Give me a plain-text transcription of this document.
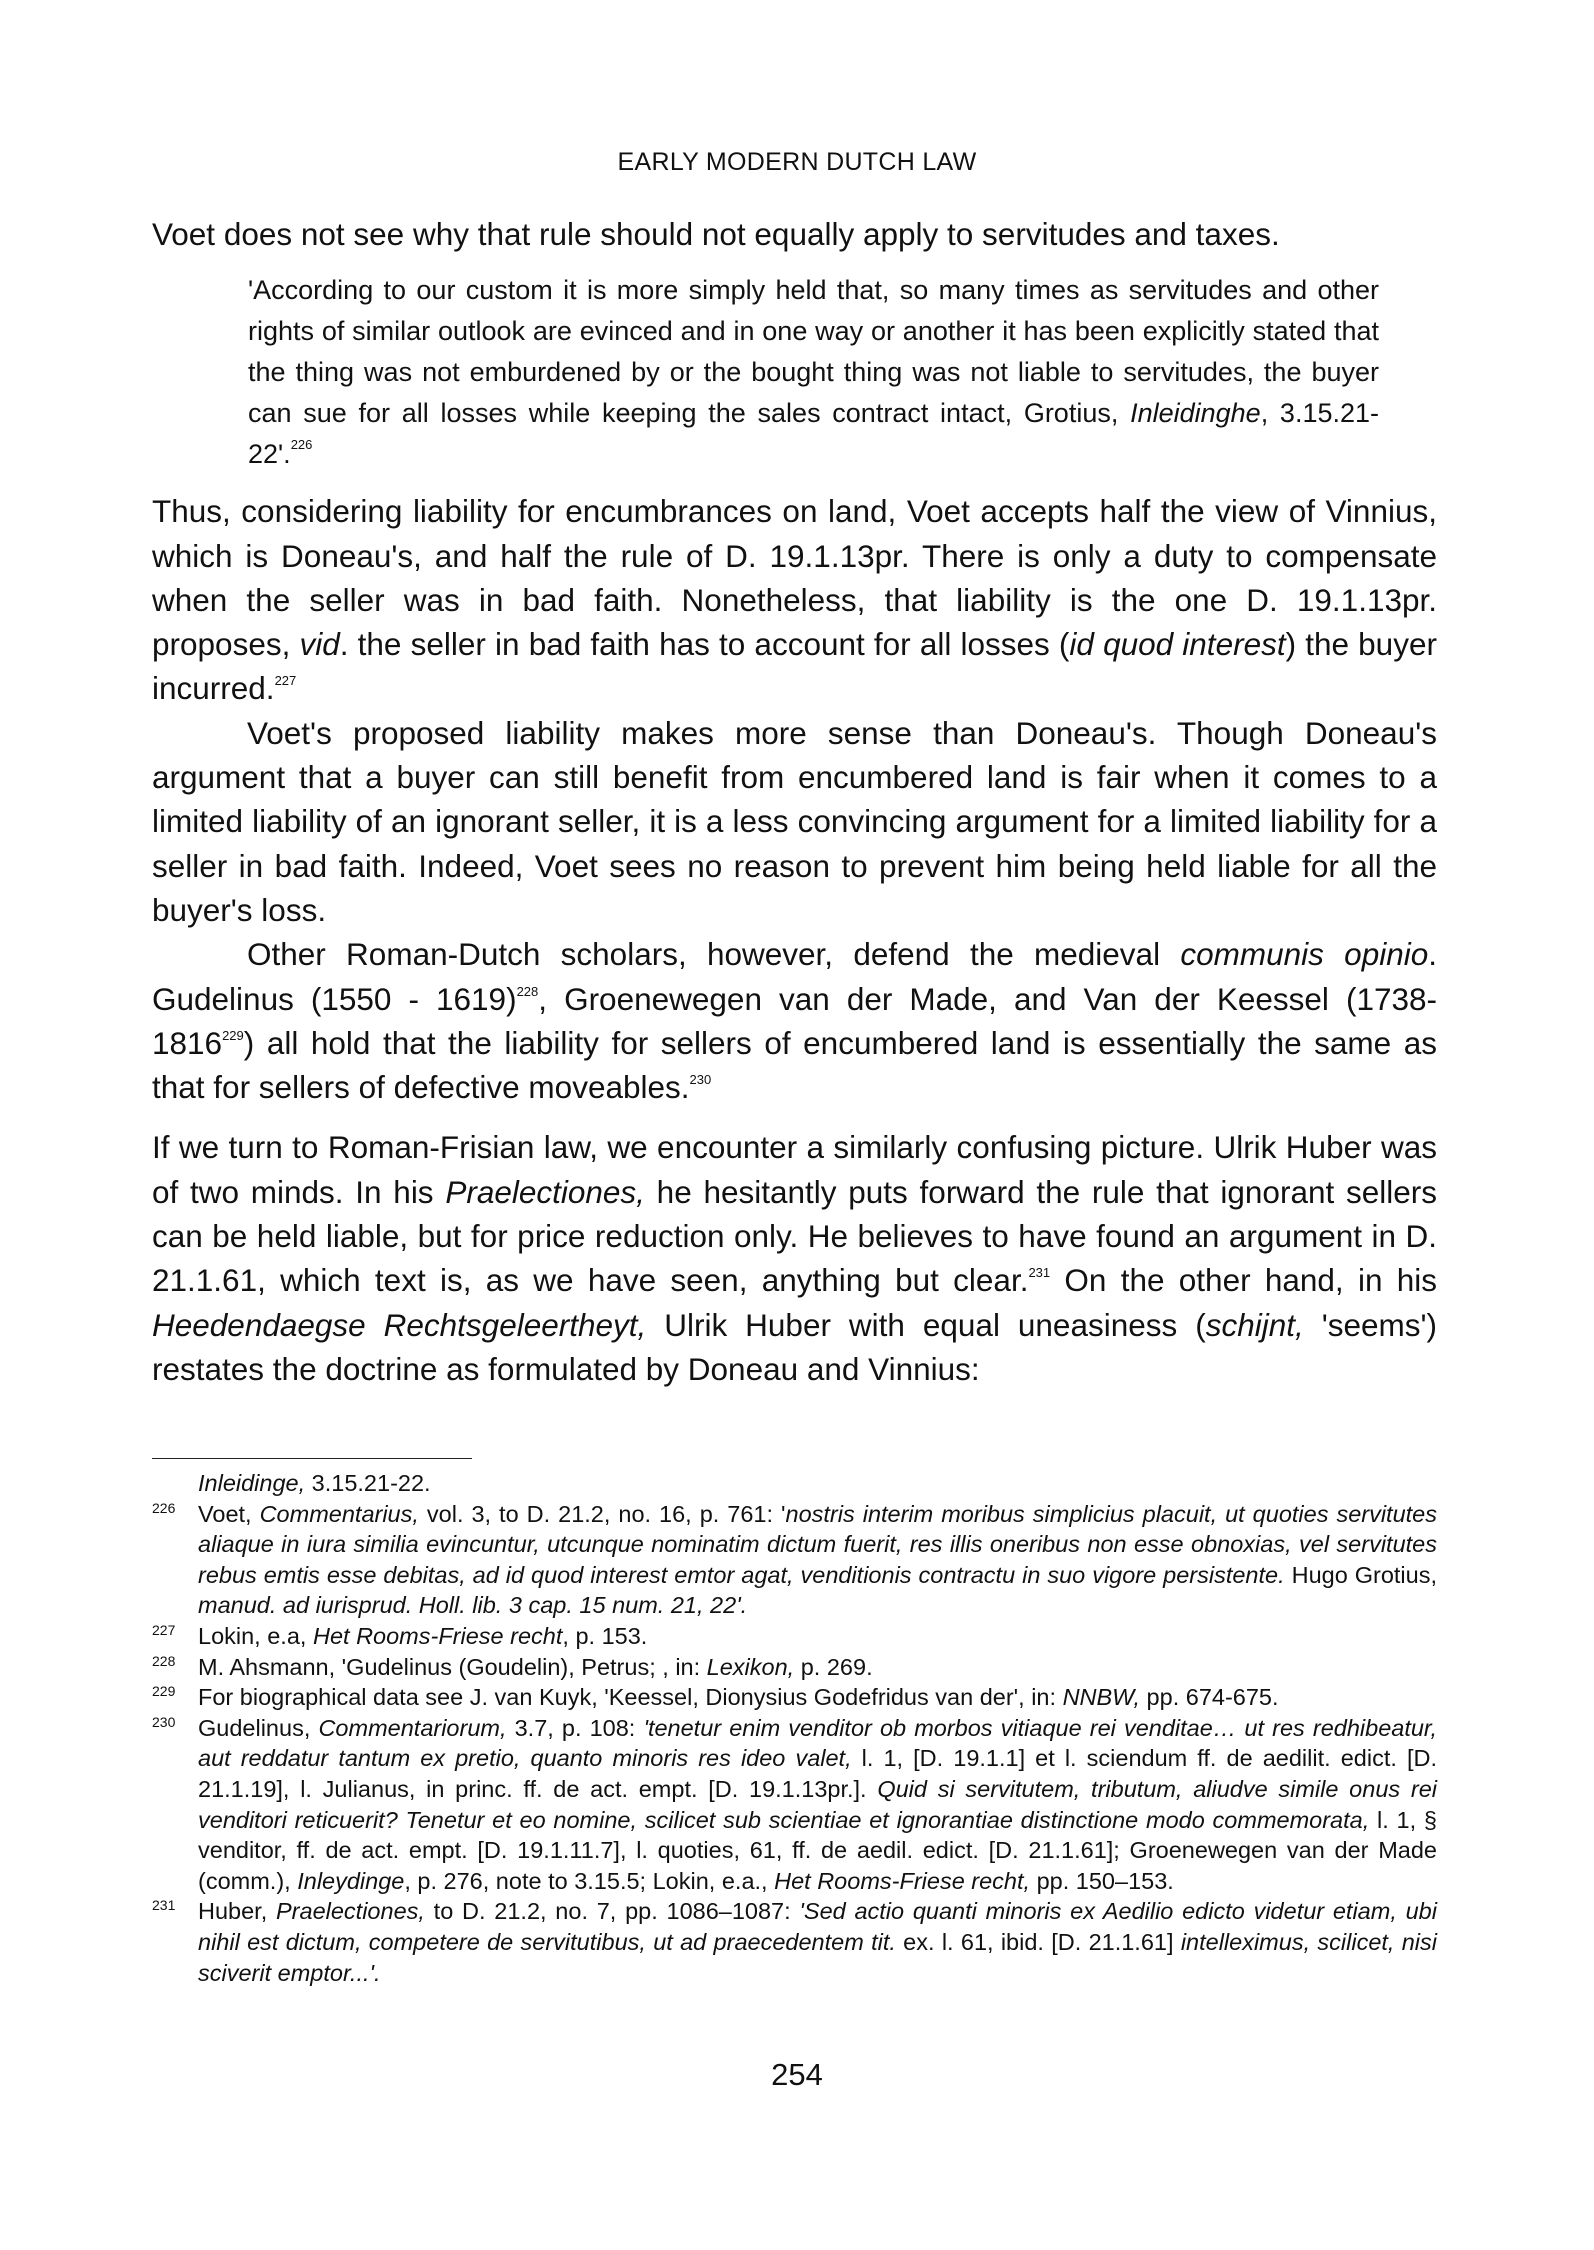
EARLY MODERN DUTCH LAW

Voet does not see why that rule should not equally apply to servitudes and taxes.

'According to our custom it is more simply held that, so many times as servitudes and other rights of similar outlook are evinced and in one way or another it has been explicitly stated that the thing was not emburdened by or the bought thing was not liable to servitudes, the buyer can sue for all losses while keeping the sales contract intact, Grotius, Inleidinghe, 3.15.21-22'.$^{226}$

Thus, considering liability for encumbrances on land, Voet accepts half the view of Vinnius, which is Doneau's, and half the rule of D. 19.1.13pr. There is only a duty to compensate when the seller was in bad faith. Nonetheless, that liability is the one D. 19.1.13pr. proposes, vid. the seller in bad faith has to account for all losses (id quod interest) the buyer incurred.$^{227}$

Voet's proposed liability makes more sense than Doneau's. Though Doneau's argument that a buyer can still benefit from encumbered land is fair when it comes to a limited liability of an ignorant seller, it is a less convincing argument for a limited liability for a seller in bad faith. Indeed, Voet sees no reason to prevent him being held liable for all the buyer's loss.

Other Roman-Dutch scholars, however, defend the medieval communis opinio. Gudelinus (1550 - 1619)$^{228}$, Groenewegen van der Made, and Van der Keessel (1738-1816$^{229}$) all hold that the liability for sellers of encumbered land is essentially the same as that for sellers of defective moveables.$^{230}$

If we turn to Roman-Frisian law, we encounter a similarly confusing picture. Ulrik Huber was of two minds. In his Praelectiones, he hesitantly puts forward the rule that ignorant sellers can be held liable, but for price reduction only. He believes to have found an argument in D. 21.1.61, which text is, as we have seen, anything but clear.$^{231}$ On the other hand, in his Heedendaegse Rechtsgeleertheyt, Ulrik Huber with equal uneasiness (schijnt, 'seems') restates the doctrine as formulated by Doneau and Vinnius:

Inleidinge, 3.15.21-22.
226 Voet, Commentarius, vol. 3, to D. 21.2, no. 16, p. 761: 'nostris interim moribus simplicius placuit, ut quoties servitutes aliaque in iura similia evincuntur, utcunque nominatim dictum fuerit, res illis oneribus non esse obnoxias, vel servitutes rebus emtis esse debitas, ad id quod interest emtor agat, venditionis contractu in suo vigore persistente. Hugo Grotius, manud. ad iurisprud. Holl. lib. 3 cap. 15 num. 21, 22'.
227 Lokin, e.a, Het Rooms-Friese recht, p. 153.
228 M. Ahsmann, 'Gudelinus (Goudelin), Petrus; , in: Lexikon, p. 269.
229 For biographical data see J. van Kuyk, 'Keessel, Dionysius Godefridus van der', in: NNBW, pp. 674-675.
230 Gudelinus, Commentariorum, 3.7, p. 108: 'tenetur enim venditor ob morbos vitiaque rei venditae… ut res redhibeatur, aut reddatur tantum ex pretio, quanto minoris res ideo valet, l. 1, [D. 19.1.1] et l. sciendum ff. de aedilit. edict. [D. 21.1.19], l. Julianus, in princ. ff. de act. empt. [D. 19.1.13pr.]. Quid si servitutem, tributum, aliudve simile onus rei venditori reticuerit? Tenetur et eo nomine, scilicet sub scientiae et ignorantiae distinctione modo commemorata, l. 1, § venditor, ff. de act. empt. [D. 19.1.11.7], l. quoties, 61, ff. de aedil. edict. [D. 21.1.61]; Groenewegen van der Made (comm.), Inleydinge, p. 276, note to 3.15.5; Lokin, e.a., Het Rooms-Friese recht, pp. 150–153.
231 Huber, Praelectiones, to D. 21.2, no. 7, pp. 1086–1087: 'Sed actio quanti minoris ex Aedilio edicto videtur etiam, ubi nihil est dictum, competere de servitutibus, ut ad praecedentem tit. ex. l. 61, ibid. [D. 21.1.61] intelleximus, scilicet, nisi sciverit emptor...'.
254
